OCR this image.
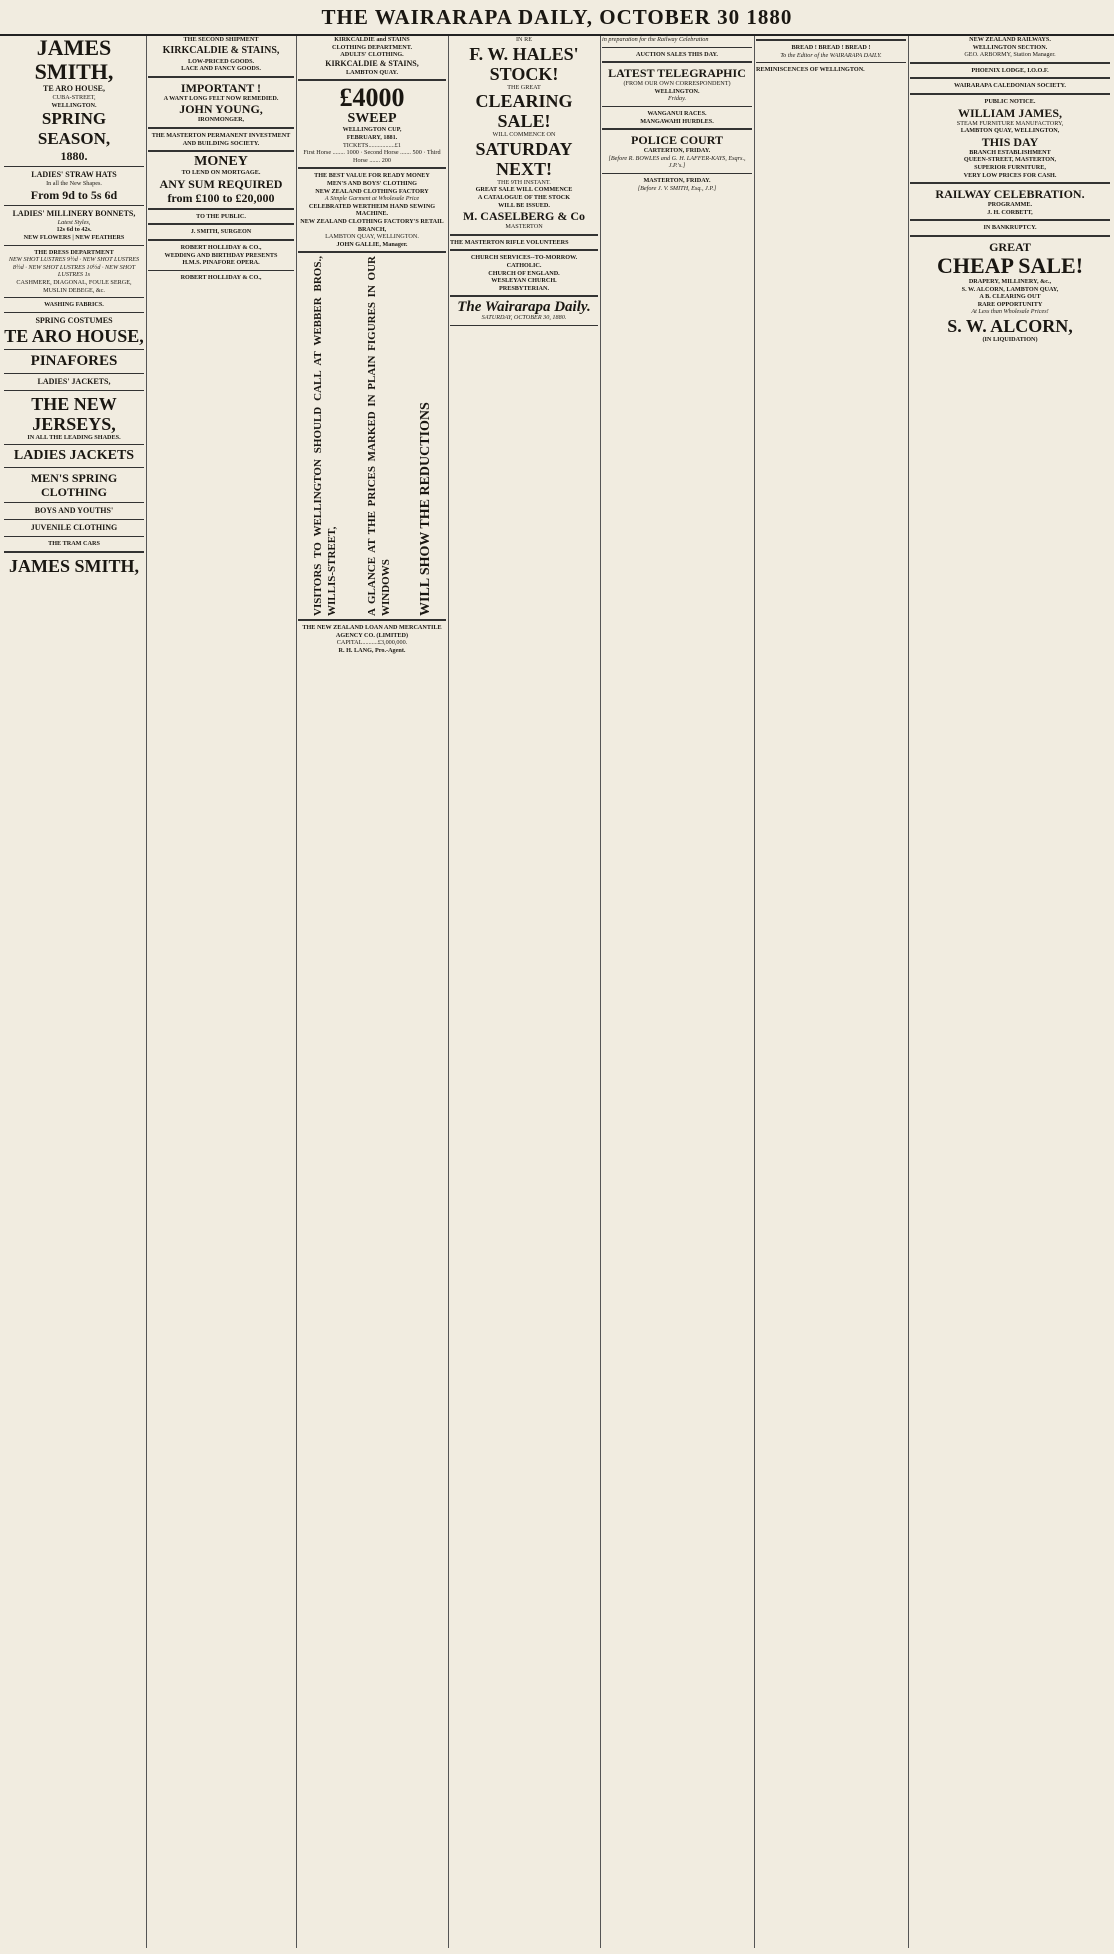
THE WAIRARAPA DAILY, OCTOBER 30 1880
JAMES SMITH,
TE ARO HOUSE,
CUBA-STREET,
WELLINGTON.
SPRING SEASON,
1880.
LADIES' STRAW HATS
In all the New Shapes.
From 9d to 5s 6d
LADIES' MILLINERY BONNETS,
Latest Styles,
12s 6d to 42s.
NEW FLOWERS | NEW FEATHERS
THE DRESS DEPARTMENT
NEW SHOT LUSTRES 9½d · NEW SHOT LUSTRES 8½d · NEW SHOT LUSTRES 10½d · NEW SHOT LUSTRES 1s
CASHMERE, DIAGONAL, FOULE SERGE, MUSLIN DEBEGE, &c.
WASHING FABRICS.
SPRING COSTUMES
TE ARO HOUSE,
PINAFORES
LADIES' JACKETS,
THE NEW JERSEYS,
IN ALL THE LEADING SHADES.
LADIES JACKETS
MEN'S SPRING CLOTHING
BOYS AND YOUTHS'
JUVENILE CLOTHING
THE TRAM CARS
JAMES SMITH,
THE SECOND SHIPMENT
KIRKCALDIE & STAINS,
LOW-PRICED GOODS.
LACE AND FANCY GOODS.
IMPORTANT !
A WANT LONG FELT NOW REMEDIED.
JOHN YOUNG,
IRONMONGER,
THE MASTERTON PERMANENT INVESTMENT AND BUILDING SOCIETY.
MONEY
TO LEND ON MORTGAGE.
ANY SUM REQUIRED from £100 to £20,000
TO THE PUBLIC.
J. SMITH, SURGEON
ROBERT HOLLIDAY & CO.,
WEDDING AND BIRTHDAY PRESENTS
H.M.S. PINAFORE OPERA.
ROBERT HOLLIDAY & CO.,
KIRKCALDIE and STAINS
CLOTHING DEPARTMENT.
ADULTS' CLOTHING.
KIRKCALDIE & STAINS,
LAMBTON QUAY.
£4000
SWEEP
WELLINGTON CUP,
FEBRUARY, 1881.
TICKETS.................£1
First Horse ........ 1000 · Second Horse ....... 500 · Third Horse ....... 200
THE BEST VALUE FOR READY MONEY
MEN'S AND BOYS' CLOTHING
NEW ZEALAND CLOTHING FACTORY
A Simple Garment at Wholesale Price
CELEBRATED WERTHEIM HAND SEWING MACHINE.
NEW ZEALAND CLOTHING FACTORY'S RETAIL BRANCH,
LAMBTON QUAY, WELLINGTON.
JOHN GALLIE, Manager.
VISITORS TO WELLINGTON SHOULD CALL AT WEBBER BROS., WILLIS-STREET,	A GLANCE AT THE PRICES MARKED IN PLAIN FIGURES IN OUR WINDOWS WILL SHOW THE REDUCTIONS
THE NEW ZEALAND LOAN AND MERCANTILE AGENCY CO. (LIMITED)
CAPITAL..........£3,000,000.
R. H. LANG, Pro.-Agent.
IN RE
F. W. HALES'
STOCK!
THE GREAT
CLEARING SALE!
WILL COMMENCE ON
SATURDAY
NEXT!
THE 9TH INSTANT.
GREAT SALE WILL COMMENCE
A CATALOGUE OF THE STOCK
WILL BE ISSUED.
M. CASELBERG & Co
MASTERTON
THE MASTERTON RIFLE VOLUNTEERS
CHURCH SERVICES--TO-MORROW.
CATHOLIC.
CHURCH OF ENGLAND.
WESLEYAN CHURCH.
PRESBYTERIAN.
The Wairarapa Daily.
SATURDAY, OCTOBER 30, 1880.
in preparation for the Railway Celebration
AUCTION SALES THIS DAY.
LATEST TELEGRAPHIC
(FROM OUR OWN CORRESPONDENT)
WELLINGTON.
Friday.
WANGANUI RACES.
MANGAWAHI HURDLES.
POLICE COURT
CARTERTON, FRIDAY.
[Before R. BOWLES and G. H. LAFFER-KAYS, Esqrs., J.P.'s.]
MASTERTON, FRIDAY.
[Before J. V. SMITH, Esq., J.P.]
BREAD ! BREAD ! BREAD !
To the Editor of the WAIRARAPA DAILY.
REMINISCENCES OF WELLINGTON.
NEW ZEALAND RAILWAYS.
WELLINGTON SECTION.
GEO. ARBORMY, Station Manager.
PHOENIX LODGE, I.O.O.F.
WAIRARAPA CALEDONIAN SOCIETY.
PUBLIC NOTICE.
WILLIAM JAMES,
STEAM FURNITURE MANUFACTORY,
LAMBTON QUAY, WELLINGTON,
THIS DAY
BRANCH ESTABLISHMENT
QUEEN-STREET, MASTERTON,
SUPERIOR FURNITURE,
VERY LOW PRICES FOR CASH.
RAILWAY CELEBRATION.
PROGRAMME.
J. H. CORBETT,
IN BANKRUPTCY.
GREAT
CHEAP SALE!
DRAPERY, MILLINERY, &c.,
S. W. ALCORN, LAMBTON QUAY,
A B. CLEARING OUT
RARE OPPORTUNITY
At Less than Wholesale Prices!
S. W. ALCORN,
(IN LIQUIDATION)
